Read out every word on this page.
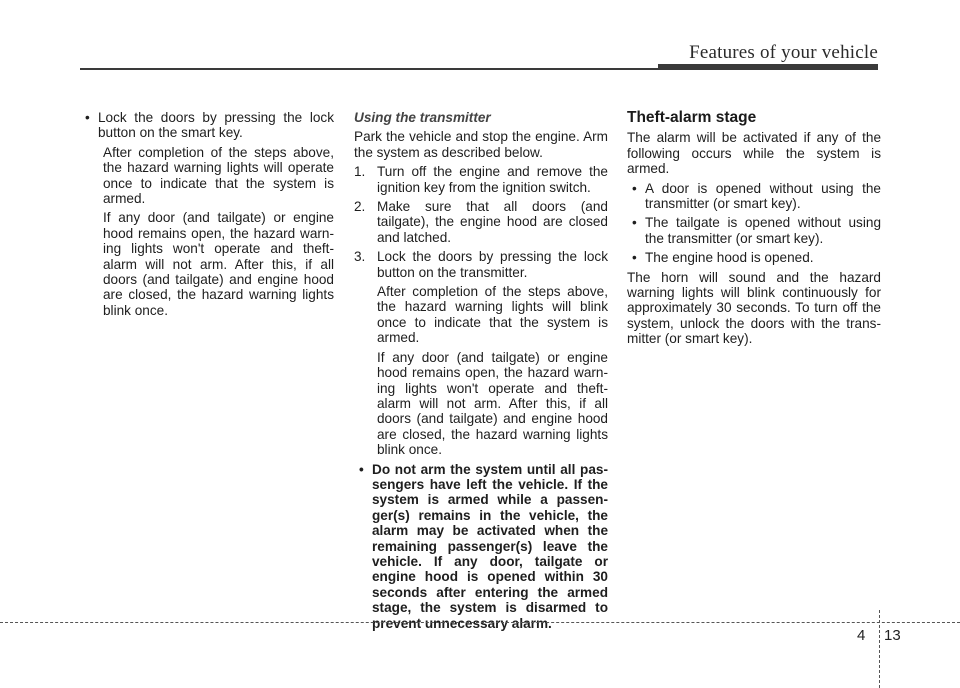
Features of your vehicle
• Lock the doors by pressing the lock button on the smart key.

After completion of the steps above, the hazard warning lights will operate once to indicate that the system is armed.

If any door (and tailgate) or engine hood remains open, the hazard warn-ing lights won't operate and theft-alarm will not arm. After this, if all doors (and tailgate) and engine hood are closed, the hazard warning lights blink once.

Using the transmitter

Park the vehicle and stop the engine. Arm the system as described below.

1. Turn off the engine and remove the ignition key from the ignition switch.
2. Make sure that all doors (and tailgate), the engine hood are closed and latched.
3. Lock the doors by pressing the lock button on the transmitter.

After completion of the steps above, the hazard warning lights will blink once to indicate that the system is armed.

If any door (and tailgate) or engine hood remains open, the hazard warn-ing lights won't operate and theft-alarm will not arm. After this, if all doors (and tailgate) and engine hood are closed, the hazard warning lights blink once.

• Do not arm the system until all pas-sengers have left the vehicle. If the system is armed while a passen-ger(s) remains in the vehicle, the alarm may be activated when the remaining passenger(s) leave the vehicle. If any door, tailgate or engine hood is opened within 30 seconds after entering the armed stage, the system is disarmed to prevent unnecessary alarm.
Theft-alarm stage

The alarm will be activated if any of the following occurs while the system is armed.

• A door is opened without using the transmitter (or smart key).
• The tailgate is opened without using the transmitter (or smart key).
• The engine hood is opened.

The horn will sound and the hazard warning lights will blink continuously for approximately 30 seconds. To turn off the system, unlock the doors with the trans-mitter (or smart key).

4 13
